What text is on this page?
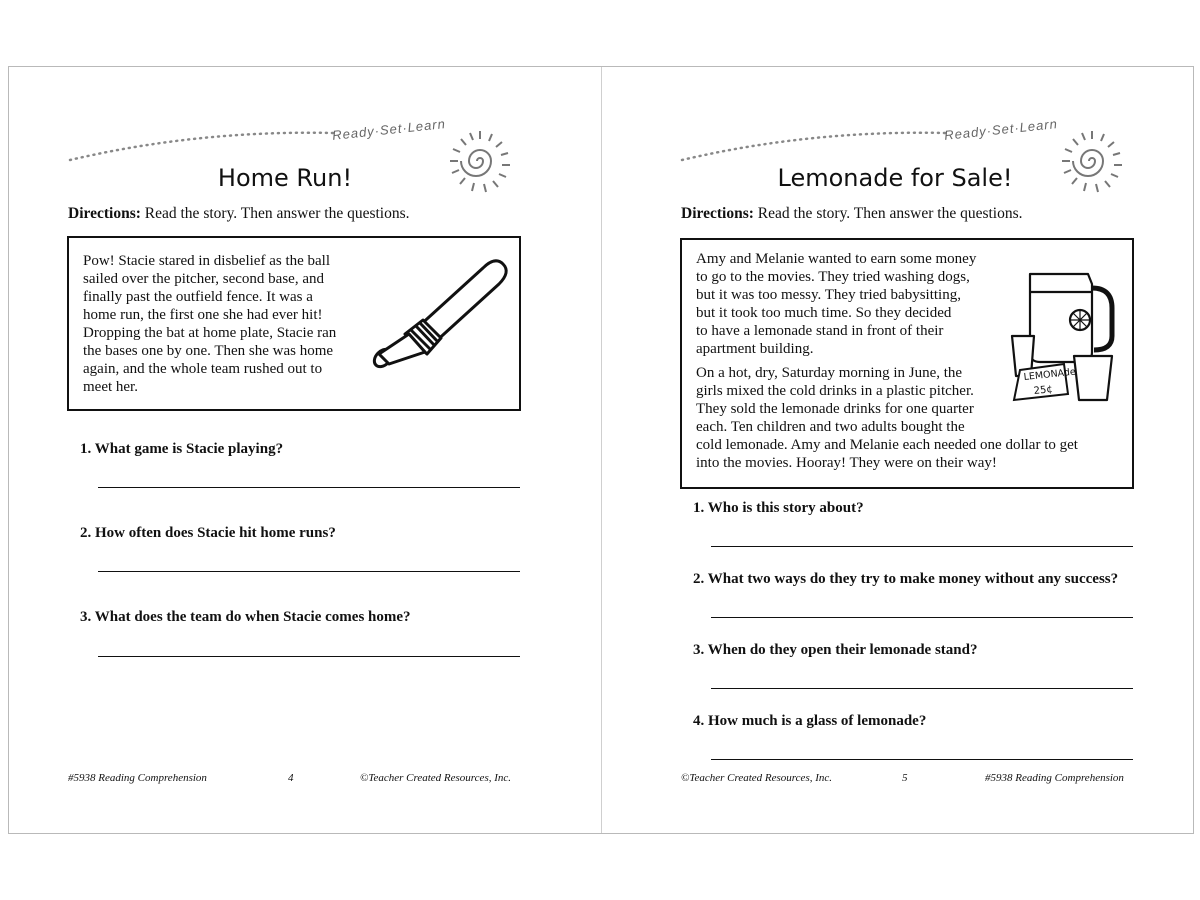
Ready·Set·Learn
Home Run!

Directions: Read the story. Then answer the questions.

Pow! Stacie stared in disbelief as the ball

sailed over the pitcher, second base, and

finally past the outfield fence. It was a

home run, the first one she had ever hit!

Dropping the bat at home plate, Stacie ran

the bases one by one. Then she was home

again, and the whole team rushed out to

meet her.

1. What game is Stacie playing?

2. How often does Stacie hit home runs?

3. What does the team do when Stacie comes home?

#5938 Reading Comprehension	4	©Teacher Created Resources, Inc.

Ready·Set·Learn
Lemonade for Sale!

Directions: Read the story. Then answer the questions.

Amy and Melanie wanted to earn some money

to go to the movies. They tried washing dogs,

but it was too messy. They tried babysitting,

but it took too much time. So they decided

to have a lemonade stand in front of their

apartment building.

On a hot, dry, Saturday morning in June, the

girls mixed the cold drinks in a plastic pitcher.

They sold the lemonade drinks for one quarter

each. Ten children and two adults bought the

cold lemonade. Amy and Melanie each needed one dollar to get

into the movies. Hooray! They were on their way!

LEMONAde
25¢

1. Who is this story about?

2. What two ways do they try to make money without any success?

3. When do they open their lemonade stand?

4. How much is a glass of lemonade?

©Teacher Created Resources, Inc.	5	#5938 Reading Comprehension
